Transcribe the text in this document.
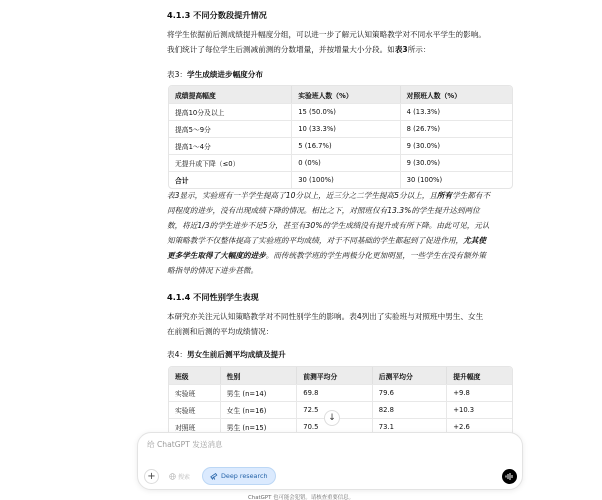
4.1.3 不同分数段提升情况
将学生依据前后测成绩提升幅度分组，可以进一步了解元认知策略教学对不同水平学生的影响。
我们统计了每位学生后测减前测的分数增量，并按增量大小分段。如表3所示：
表3：学生成绩进步幅度分布
成绩提高幅度	实验班人数（%）	对照班人数（%）
提高10分及以上	15 (50.0%)	4 (13.3%)
提高5～9分	10 (33.3%)	8 (26.7%)
提高1～4分	5 (16.7%)	9 (30.0%)
无提升或下降（≤0）	0 (0%)	9 (30.0%)
合计	30 (100%)	30 (100%)
表3显示，实验班有一半学生提高了10分以上，近三分之二学生提高5分以上，且所有学生都有不
同程度的进步，没有出现成绩下降的情况。相比之下，对照班仅有13.3%的学生提升达到两位
数，将近1/3的学生进步不足5分，甚至有30%的学生成绩没有提升或有所下降。由此可见，元认
知策略教学不仅整体提高了实验班的平均成绩，对于不同基础的学生都起到了促进作用，尤其使
更多学生取得了大幅度的进步。而传统教学班的学生两极分化更加明显，一些学生在没有额外策
略指导的情况下进步甚微。
4.1.4 不同性别学生表现
本研究亦关注元认知策略教学对不同性别学生的影响。表4列出了实验班与对照班中男生、女生
在前测和后测的平均成绩情况：
表4：男女生前后测平均成绩及提升
班级	性别	前测平均分	后测平均分	提升幅度
实验班	男生 (n=14)	69.8	79.6	+9.8
实验班	女生 (n=16)	72.5	82.8	+10.3
对照班	男生 (n=15)	70.5	73.1	+2.6
↓
给 ChatGPT 发送消息
+	搜索	Deep research
ChatGPT 也可能会犯错。请核查重要信息。
